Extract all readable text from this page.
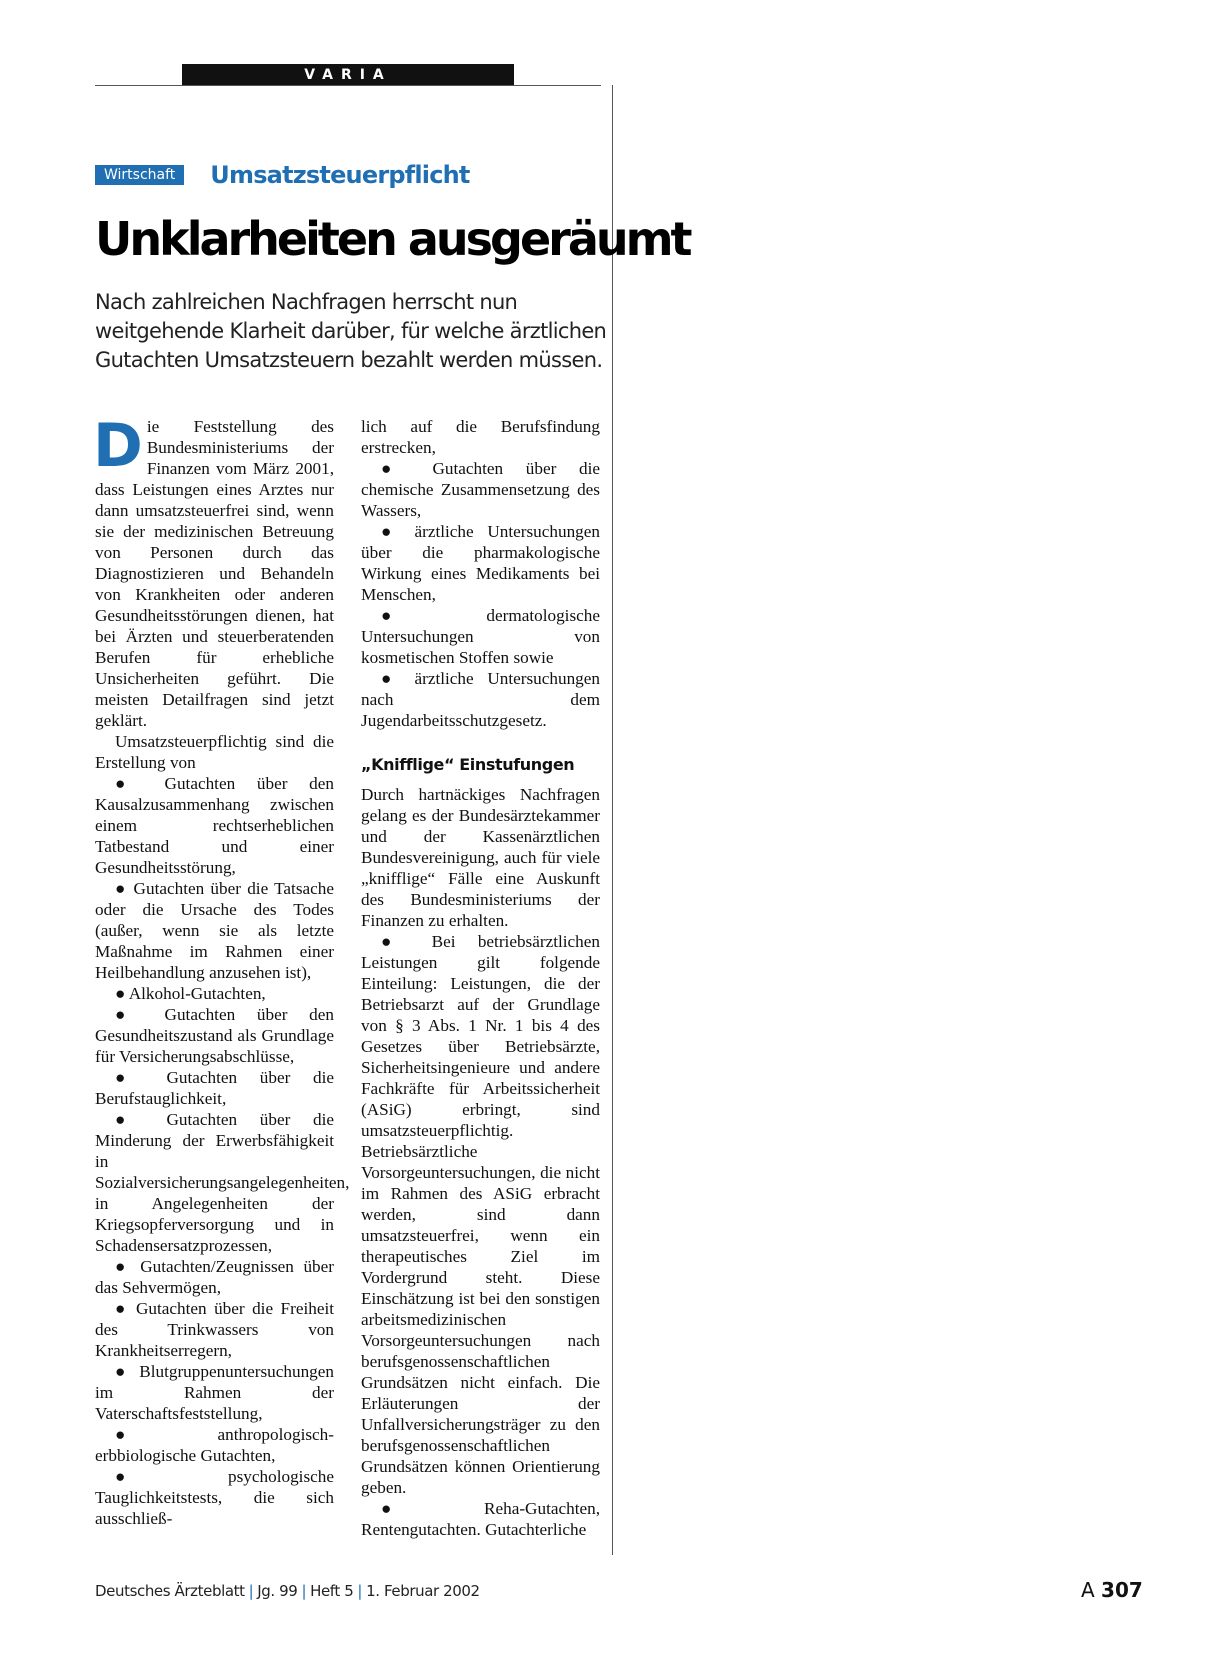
VARIA
Wirtschaft	Umsatzsteuerpflicht
Unklarheiten ausgeräumt

Nach zahlreichen Nachfragen herrscht nun weitgehende Klarheit darüber, für welche ärztlichen Gutachten Umsatzsteuern bezahlt werden müssen.

D ie Feststellung des Bundesministeriums der Finanzen vom März 2001, dass Leistungen eines Arztes nur dann umsatzsteuerfrei sind, wenn sie der medizinischen Betreuung von Personen durch das Diagnostizieren und Behandeln von Krankheiten oder anderen Gesundheitsstörungen dienen, hat bei Ärzten und steuerberatenden Berufen für erhebliche Unsicherheiten geführt. Die meisten Detailfragen sind jetzt geklärt.

Umsatzsteuerpflichtig sind die Erstellung von

● Gutachten über den Kausalzusammenhang zwischen einem rechtserheblichen Tatbestand und einer Gesundheitsstörung,

● Gutachten über die Tatsache oder die Ursache des Todes (außer, wenn sie als letzte Maßnahme im Rahmen einer Heilbehandlung anzusehen ist),

● Alkohol-Gutachten,

● Gutachten über den Gesundheitszustand als Grundlage für Versicherungsabschlüsse,

● Gutachten über die Berufstauglichkeit,

● Gutachten über die Minderung der Erwerbsfähigkeit in Sozialversicherungsangelegenheiten, in Angelegenheiten der Kriegsopferversorgung und in Schadensersatzprozessen,

● Gutachten/Zeugnissen über das Sehvermögen,

● Gutachten über die Freiheit des Trinkwassers von Krankheitserregern,

●Blutgruppenuntersuchungen im Rahmen der Vaterschaftsfeststellung,

● anthropologisch-erbbiologische Gutachten,

● psychologische Tauglichkeitstests, die sich ausschließ-

lich auf die Berufsfindung erstrecken,

● Gutachten über die chemische Zusammensetzung des Wassers,

● ärztliche Untersuchungen über die pharmakologische Wirkung eines Medikaments bei Menschen,

● dermatologische Untersuchungen von kosmetischen Stoffen sowie

● ärztliche Untersuchungen nach dem Jugendarbeitsschutzgesetz.

„Knifflige“ Einstufungen

Durch hartnäckiges Nachfragen gelang es der Bundesärztekammer und der Kassenärztlichen Bundesvereinigung, auch für viele „knifflige“ Fälle eine Auskunft des Bundesministeriums der Finanzen zu erhalten.

● Bei betriebsärztlichen Leistungen gilt folgende Einteilung: Leistungen, die der Betriebsarzt auf der Grundlage von § 3 Abs. 1 Nr. 1 bis 4 des Gesetzes über Betriebsärzte, Sicherheitsingenieure und andere Fachkräfte für Arbeitssicherheit (ASiG) erbringt, sind umsatzsteuerpflichtig. Betriebsärztliche Vorsorgeuntersuchungen, die nicht im Rahmen des ASiG erbracht werden, sind dann umsatzsteuerfrei, wenn ein therapeutisches Ziel im Vordergrund steht. Diese Einschätzung ist bei den sonstigen arbeitsmedizinischen Vorsorgeuntersuchungen nach berufsgenossenschaftlichen Grundsätzen nicht einfach. Die Erläuterungen der Unfallversicherungsträger zu den berufsgenossenschaftlichen Grundsätzen können Orientierung geben.

● Reha-Gutachten, Rentengutachten. Gutachterliche

Deutsches Ärzteblatt | Jg. 99 | Heft 5 | 1. Februar 2002	A 307
